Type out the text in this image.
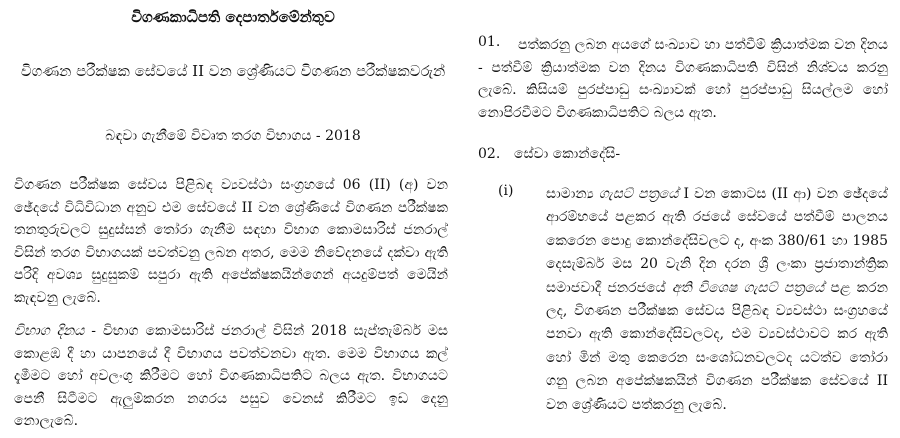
විගණකාධිපති දෙපාර්තමේන්තුව
විගණන පරීක්ෂක සේවයේ II වන ශ්‍රේණියට විගණන පරීක්ෂකවරුන්
බඳවා ගැනීමේ විවෘත තරග විභාගය - 2018
විගණන පරීක්ෂක සේවය පිළිබඳ ව්‍යවස්ථා සංග්‍රහයේ 06 (II) (අ) වන ඡේදයේ විධිවිධාන අනුව එම සේවයේ II වන ශ්‍රේණියේ විගණන පරීක්ෂක තනතුරුවලට සුදුස්සන් තෝරා ගැනීම සඳහා විභාග කොමසාරිස් ජනරාල් විසින් තරග විභාගයක් පවත්වනු ලබන අතර, මෙම නිවේදනයේ දක්වා ඇති පරිදි අවශ්‍ය සුදුසුකම් සපුරා ඇති අපේක්ෂකයින්ගෙන් අයදුම්පත් මෙයින් කැඳවනු ලැබේ.
විභාග දිනය - විභාග කොමසාරිස් ජනරාල් විසින් 2018 සැප්තැම්බර් මස කොළඹ දී හා යාපනයේ දී විභාගය පවත්වනවා ඇත. මෙම විභාගය කල් දැමීමට හෝ අවලංගු කිරීමට හෝ විගණකාධිපතිට බලය ඇත. විභාගයට පෙනී සිටීමට ඇලුම්කරන නගරය පසුව වෙනස් කිරීමට ඉඩ දෙනු නොලැබේ.
පත්කරනු ලබන අයගේ සංඛ්‍යාව හා පත්වීම් ක්‍රියාත්මක වන දිනය - පත්වීම් ක්‍රියාත්මක වන දිනය විගණකාධිපති විසින් නිශ්චය කරනු ලැබේ. කිසියම් පුරප්පාඩු සංඛ්‍යාවක් හෝ පුරප්පාඩු සියල්ලම හෝ නොපිරවීමට විගණකාධිපතිට බලය ඇත.
01.
02. සේවා කොන්දේසි-
(i) සාමාන්‍ය ගැසට් පත්‍රයේ I වන කොටස (II ආ) වන ඡේදයේ ආරම්භයේ පළකර ඇති රජයේ සේවයේ පත්වීම් පාලනය කෙරෙන පොදු කොන්දේසිවලට ද, අංක 380/61 හා 1985 දෙසැම්බර් මස 20 වැනි දින දරන ශ්‍රී ලංකා ප්‍රජාතාන්ත්‍රික සමාජවාදී ජනරජයේ අති විශෙෂ ගැසට් පත්‍රයේ පළ කරන ලද, විගණන පරීක්ෂක සේවය පිළිබඳ ව්‍යවස්ථා සංග්‍රහයේ පනවා ඇති කොන්දේසිවලටද, එම ව්‍යවස්ථාවට කර ඇති හෝ මින් මතු කෙරෙන සංශෝධනවලටද යටත්ව තෝරා ගනු ලබන අපේක්ෂකයින් විගණන පරීක්ෂක සේවයේ II වන ශ්‍රේණියට පත්කරනු ලැබේ.
